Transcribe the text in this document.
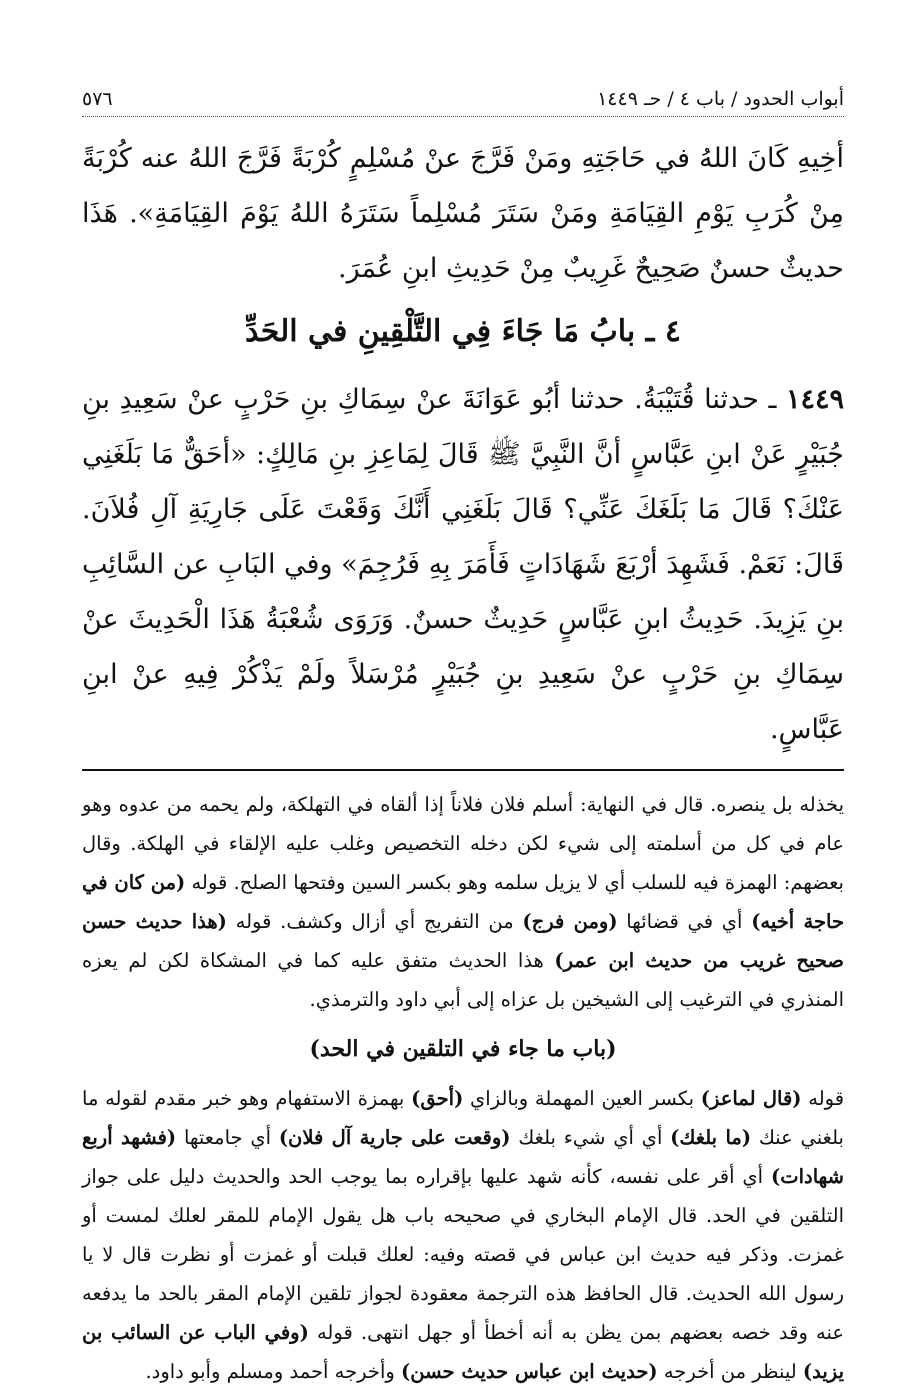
أبواب الحدود / باب ٤ / حـ ١٤٤٩
٥٧٦

أخِيهِ كَانَ اللهُ في حَاجَتِهِ ومَنْ فَرَّجَ عنْ مُسْلِمٍ كُرْبَةً فَرَّجَ اللهُ عنه كُرْبَةً مِنْ كُرَبِ يَوْمِ القِيَامَةِ ومَنْ سَتَرَ مُسْلِماً سَتَرَهُ اللهُ يَوْمَ القِيَامَةِ». هَذَا حديثٌ حسنٌ صَحِيحٌ غَرِيبٌ مِنْ حَدِيثِ ابنِ عُمَرَ.

٤ ـ بابُ مَا جَاءَ فِي التَّلْقِينِ في الحَدِّ

١٤٤٩ ـ حدثنا قُتَيْبَةُ. حدثنا أبُو عَوَانَةَ عنْ سِمَاكِ بنِ حَرْبٍ عنْ سَعِيدِ بنِ جُبَيْرٍ عَنْ ابنِ عَبَّاسٍ أنَّ النَّبِيَّ ﷺ قَالَ لِمَاعِزِ بنِ مَالِكٍ: «أحَقٌّ مَا بَلَغَنِي عَنْكَ؟ قَالَ مَا بَلَغَكَ عَنِّي؟ قَالَ بَلَغَنِي أَنَّكَ وَقَعْتَ عَلَى جَارِيَةِ آلِ فُلاَنَ. قَالَ: نَعَمْ. فَشَهِدَ أرْبَعَ شَهَادَاتٍ فَأَمَرَ بِهِ فَرُجِمَ» وفي البَابِ عن السَّائِبِ بنِ يَزِيدَ. حَدِيثُ ابنِ عَبَّاسٍ حَدِيثٌ حسنٌ. وَرَوَى شُعْبَةُ هَذَا الْحَدِيثَ عنْ سِمَاكِ بنِ حَرْبٍ عنْ سَعِيدِ بنِ جُبَيْرٍ مُرْسَلاً ولَمْ يَذْكُرْ فِيهِ عنْ ابنِ عَبَّاسٍ.

يخذله بل ينصره. قال في النهاية: أسلم فلان فلاناً إذا ألقاه في التهلكة، ولم يحمه من عدوه وهو عام في كل من أسلمته إلى شيء لكن دخله التخصيص وغلب عليه الإلقاء في الهلكة. وقال بعضهم: الهمزة فيه للسلب أي لا يزيل سلمه وهو بكسر السين وفتحها الصلح. قوله (من كان في حاجة أخيه) أي في قضائها (ومن فرج) من التفريج أي أزال وكشف. قوله (هذا حديث حسن صحيح غريب من حديث ابن عمر) هذا الحديث متفق عليه كما في المشكاة لكن لم يعزه المنذري في الترغيب إلى الشيخين بل عزاه إلى أبي داود والترمذي.

(باب ما جاء في التلقين في الحد)

قوله (قال لماعز) بكسر العين المهملة وبالزاي (أحق) بهمزة الاستفهام وهو خبر مقدم لقوله ما بلغني عنك (ما بلغك) أي أي شيء بلغك (وقعت على جارية آل فلان) أي جامعتها (فشهد أربع شهادات) أي أقر على نفسه، كأنه شهد عليها بإقراره بما يوجب الحد والحديث دليل على جواز التلقين في الحد. قال الإمام البخاري في صحيحه باب هل يقول الإمام للمقر لعلك لمست أو غمزت. وذكر فيه حديث ابن عباس في قصته وفيه: لعلك قبلت أو غمزت أو نظرت قال لا يا رسول الله الحديث. قال الحافظ هذه الترجمة معقودة لجواز تلقين الإمام المقر بالحد ما يدفعه عنه وقد خصه بعضهم بمن يظن به أنه أخطأ أو جهل انتهى. قوله (وفي الباب عن السائب بن يزيد) لينظر من أخرجه (حديث ابن عباس حديث حسن) وأخرجه أحمد ومسلم وأبو داود.
